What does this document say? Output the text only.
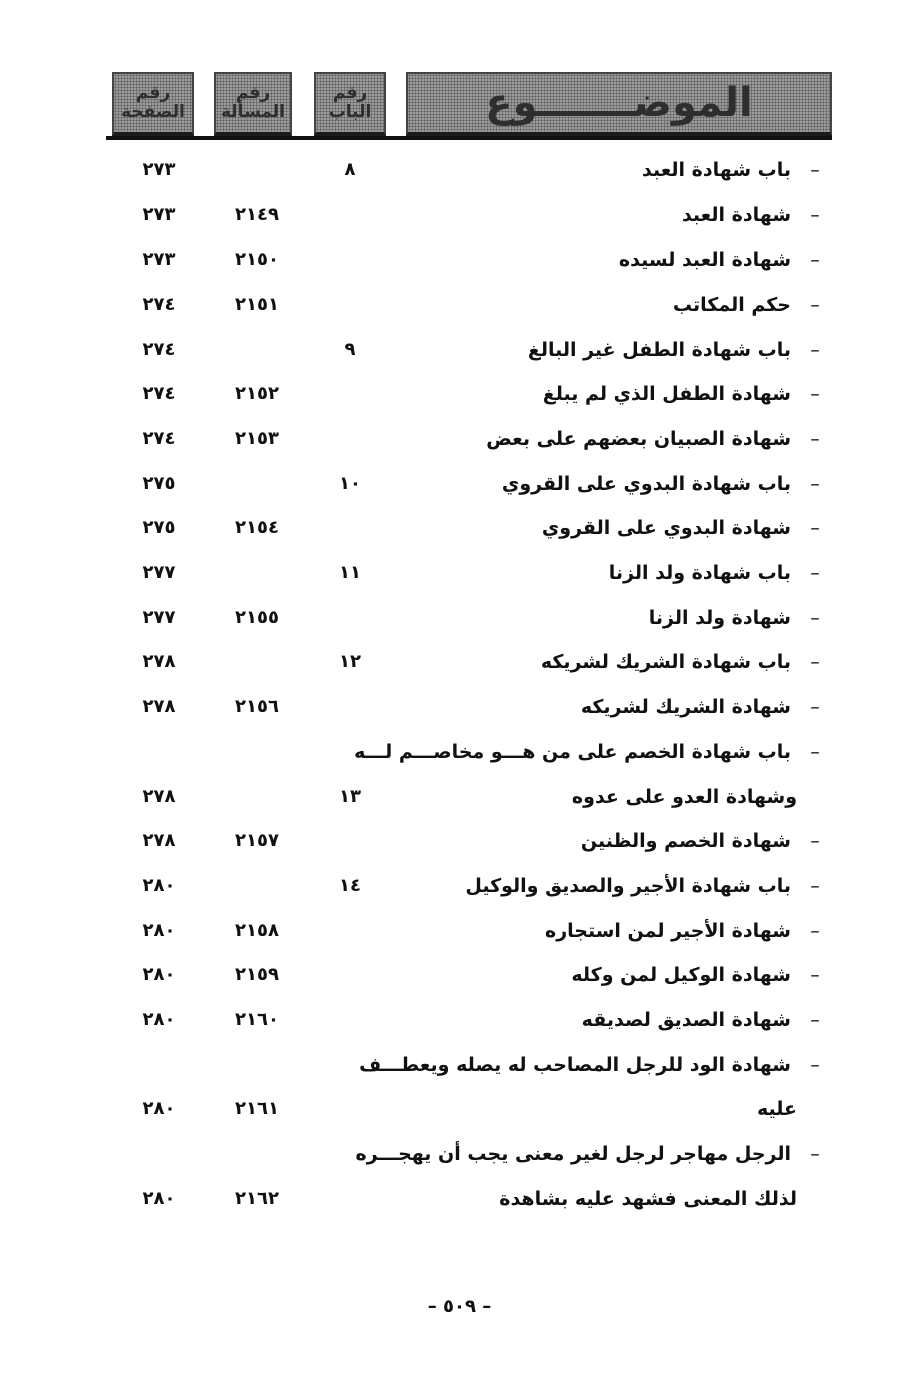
الموضـــــــوع
رقم
الباب
رقم
المسألة
رقم
الصفحة
–
باب شهادة العبد
٨
٢٧٣
–
شهادة العبد
٢١٤٩
٢٧٣
–
شهادة العبد لسيده
٢١٥٠
٢٧٣
–
حكم المكاتب
٢١٥١
٢٧٤
–
باب شهادة الطفل غير البالغ
٩
٢٧٤
–
شهادة الطفل الذي لم يبلغ
٢١٥٢
٢٧٤
–
شهادة الصبيان بعضهم على بعض
٢١٥٣
٢٧٤
–
باب شهادة البدوي على القروي
١٠
٢٧٥
–
شهادة البدوي على القروي
٢١٥٤
٢٧٥
–
باب شهادة ولد الزنا
١١
٢٧٧
–
شهادة ولد الزنا
٢١٥٥
٢٧٧
–
باب شهادة الشريك لشريكه
١٢
٢٧٨
–
شهادة الشريك لشريكه
٢١٥٦
٢٧٨
–
باب شهادة الخصم على من هـــو مخاصـــم لـــه
وشهادة العدو على عدوه
١٣
٢٧٨
–
شهادة الخصم والظنين
٢١٥٧
٢٧٨
–
باب شهادة الأجير والصديق والوكيل
١٤
٢٨٠
–
شهادة الأجير لمن استجاره
٢١٥٨
٢٨٠
–
شهادة الوكيل لمن وكله
٢١٥٩
٢٨٠
–
شهادة الصديق لصديقه
٢١٦٠
٢٨٠
–
شهادة الود للرجل المصاحب له يصله ويعطـــف
عليه
٢١٦١
٢٨٠
–
الرجل مهاجر لرجل لغير معنى يجب أن يهجـــره
لذلك المعنى فشهد عليه بشاهدة
٢١٦٢
٢٨٠
– ٥٠٩ –
